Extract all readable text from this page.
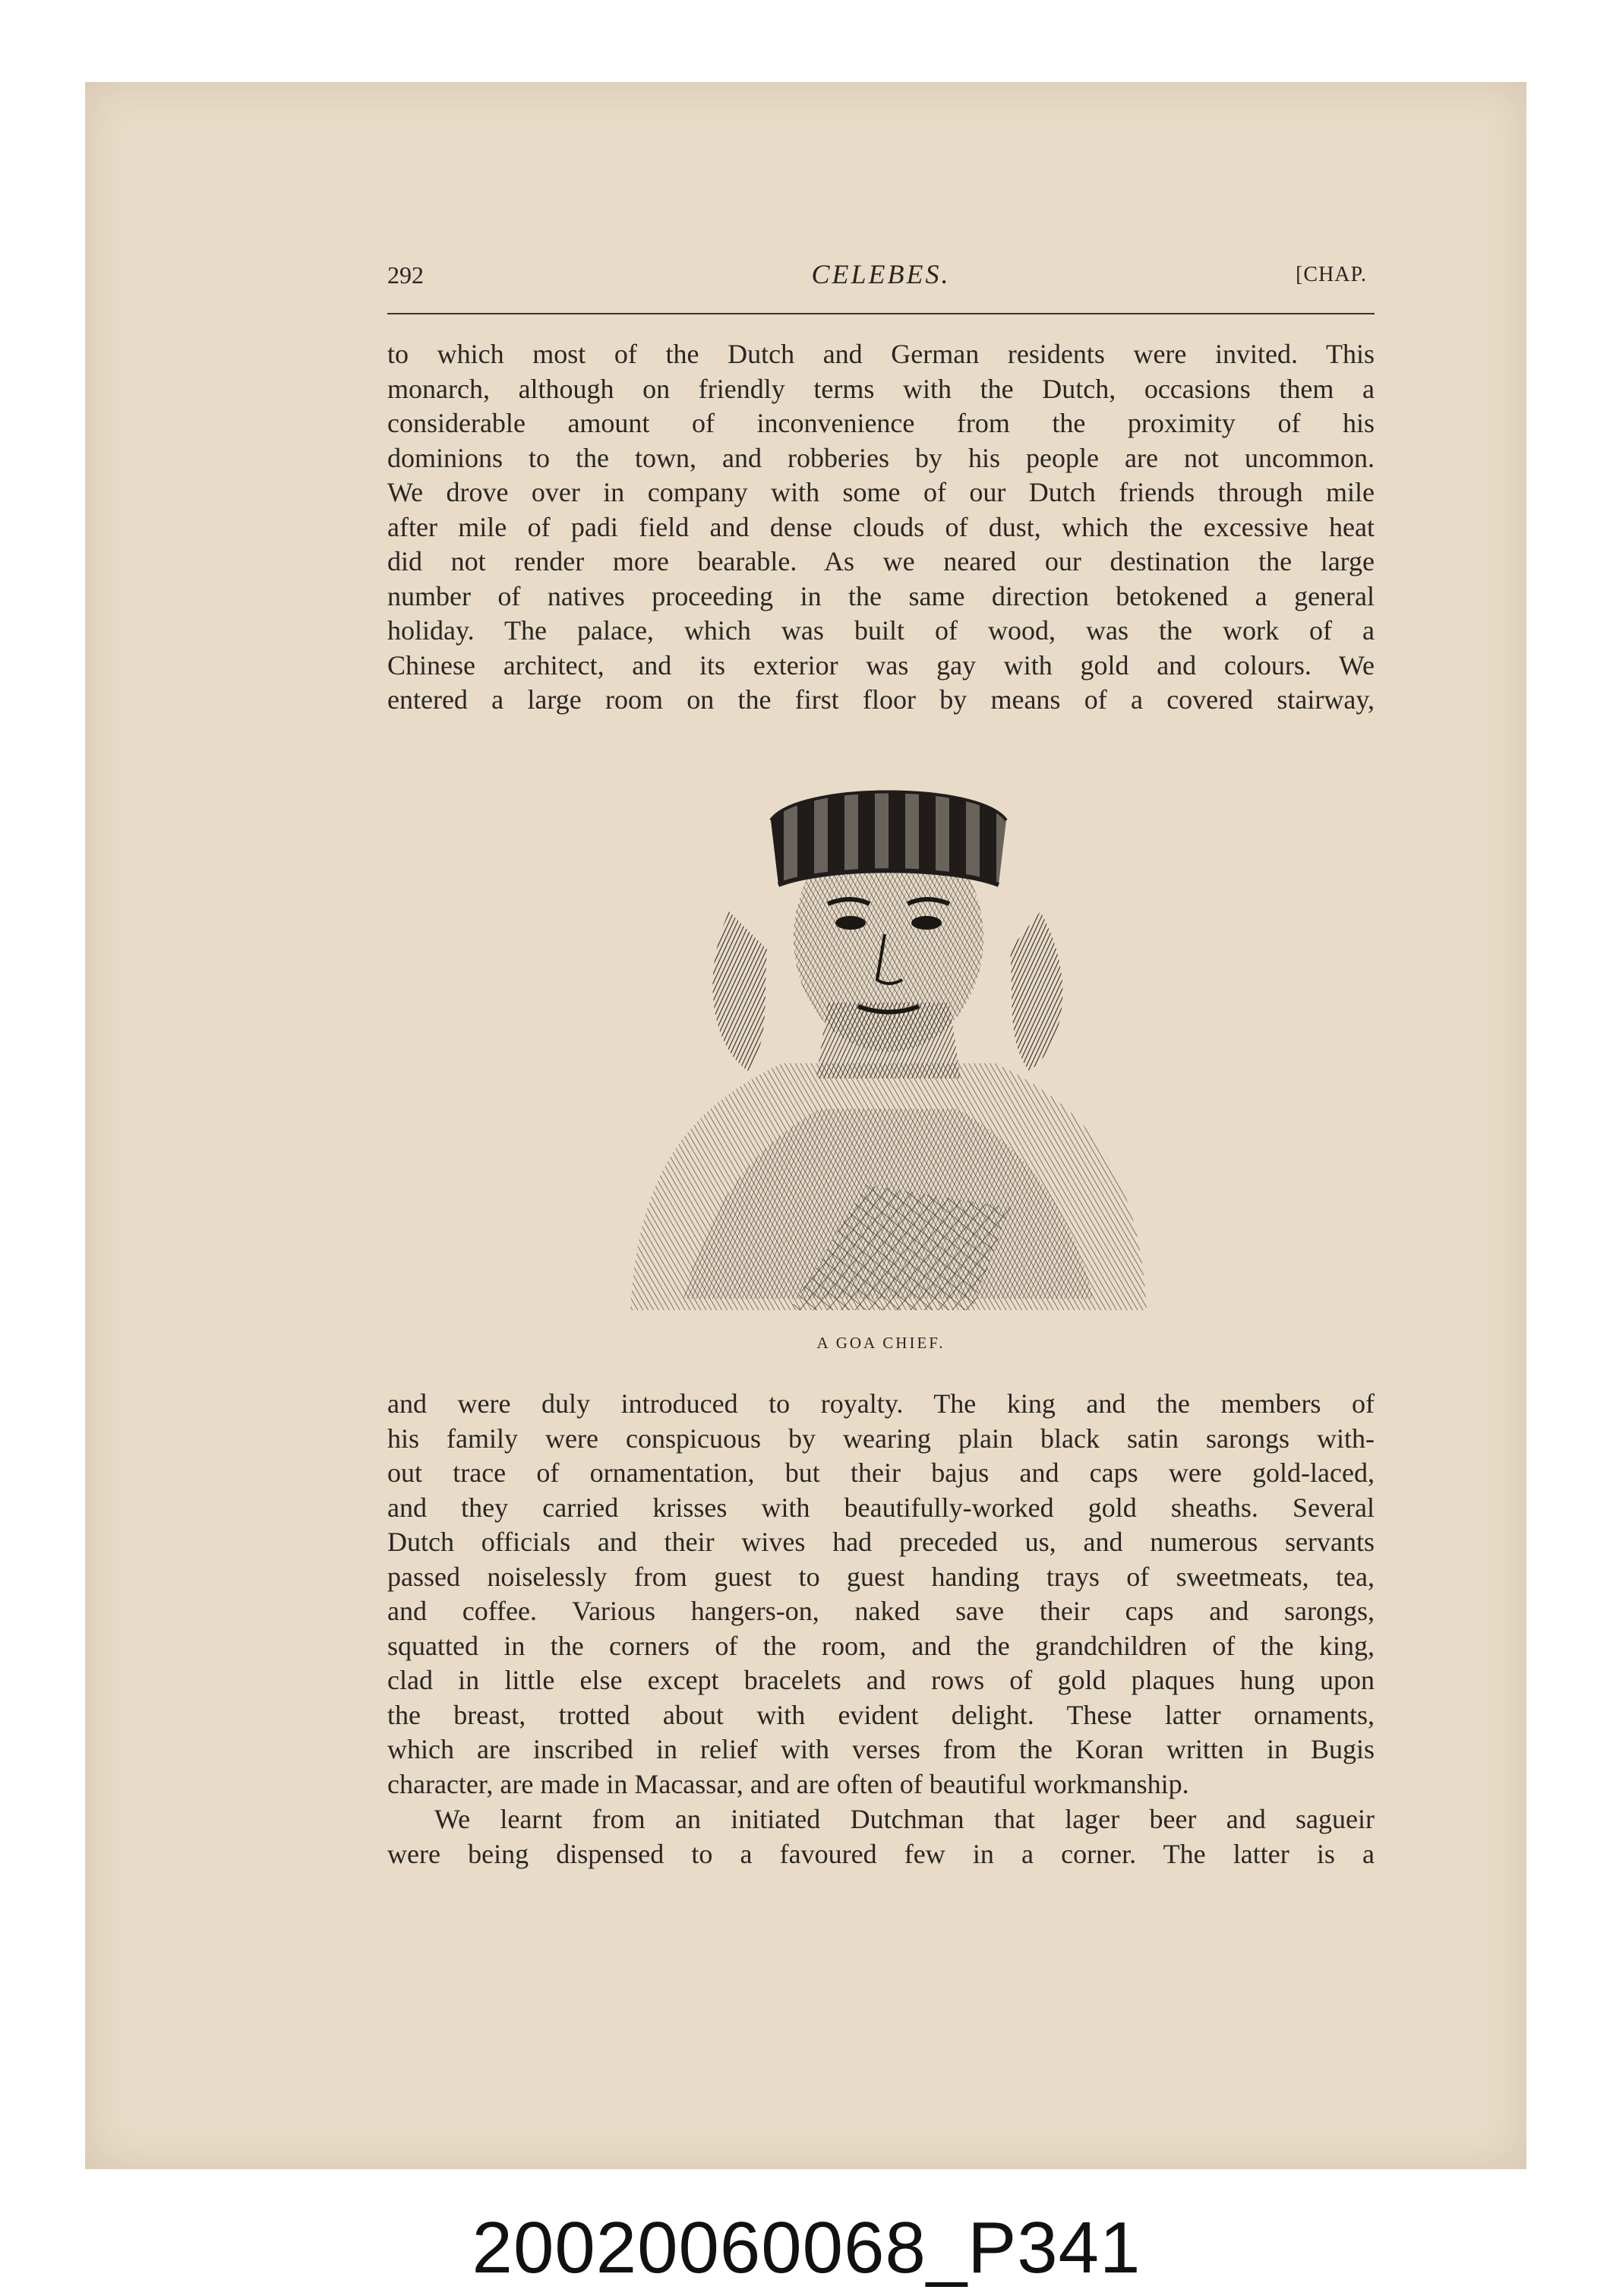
292	CELEBES.	[CHAP.
to which most of the Dutch and German residents were invited. This
monarch, although on friendly terms with the Dutch, occasions them a
considerable amount of inconvenience from the proximity of his
dominions to the town, and robberies by his people are not uncommon.
We drove over in company with some of our Dutch friends through mile
after mile of padi field and dense clouds of dust, which the excessive heat
did not render more bearable. As we neared our destination the large
number of natives proceeding in the same direction betokened a general
holiday. The palace, which was built of wood, was the work of a
Chinese architect, and its exterior was gay with gold and colours. We
entered a large room on the first floor by means of a covered stairway,
A GOA CHIEF.
and were duly introduced to royalty. The king and the members of
his family were conspicuous by wearing plain black satin sarongs with-
out trace of ornamentation, but their bajus and caps were gold-laced,
and they carried krisses with beautifully-worked gold sheaths. Several
Dutch officials and their wives had preceded us, and numerous servants
passed noiselessly from guest to guest handing trays of sweetmeats, tea,
and coffee. Various hangers-on, naked save their caps and sarongs,
squatted in the corners of the room, and the grandchildren of the king,
clad in little else except bracelets and rows of gold plaques hung upon
the breast, trotted about with evident delight. These latter ornaments,
which are inscribed in relief with verses from the Koran written in Bugis
character, are made in Macassar, and are often of beautiful workmanship.
We learnt from an initiated Dutchman that lager beer and sagueir
were being dispensed to a favoured few in a corner. The latter is a
20020060068_P341
